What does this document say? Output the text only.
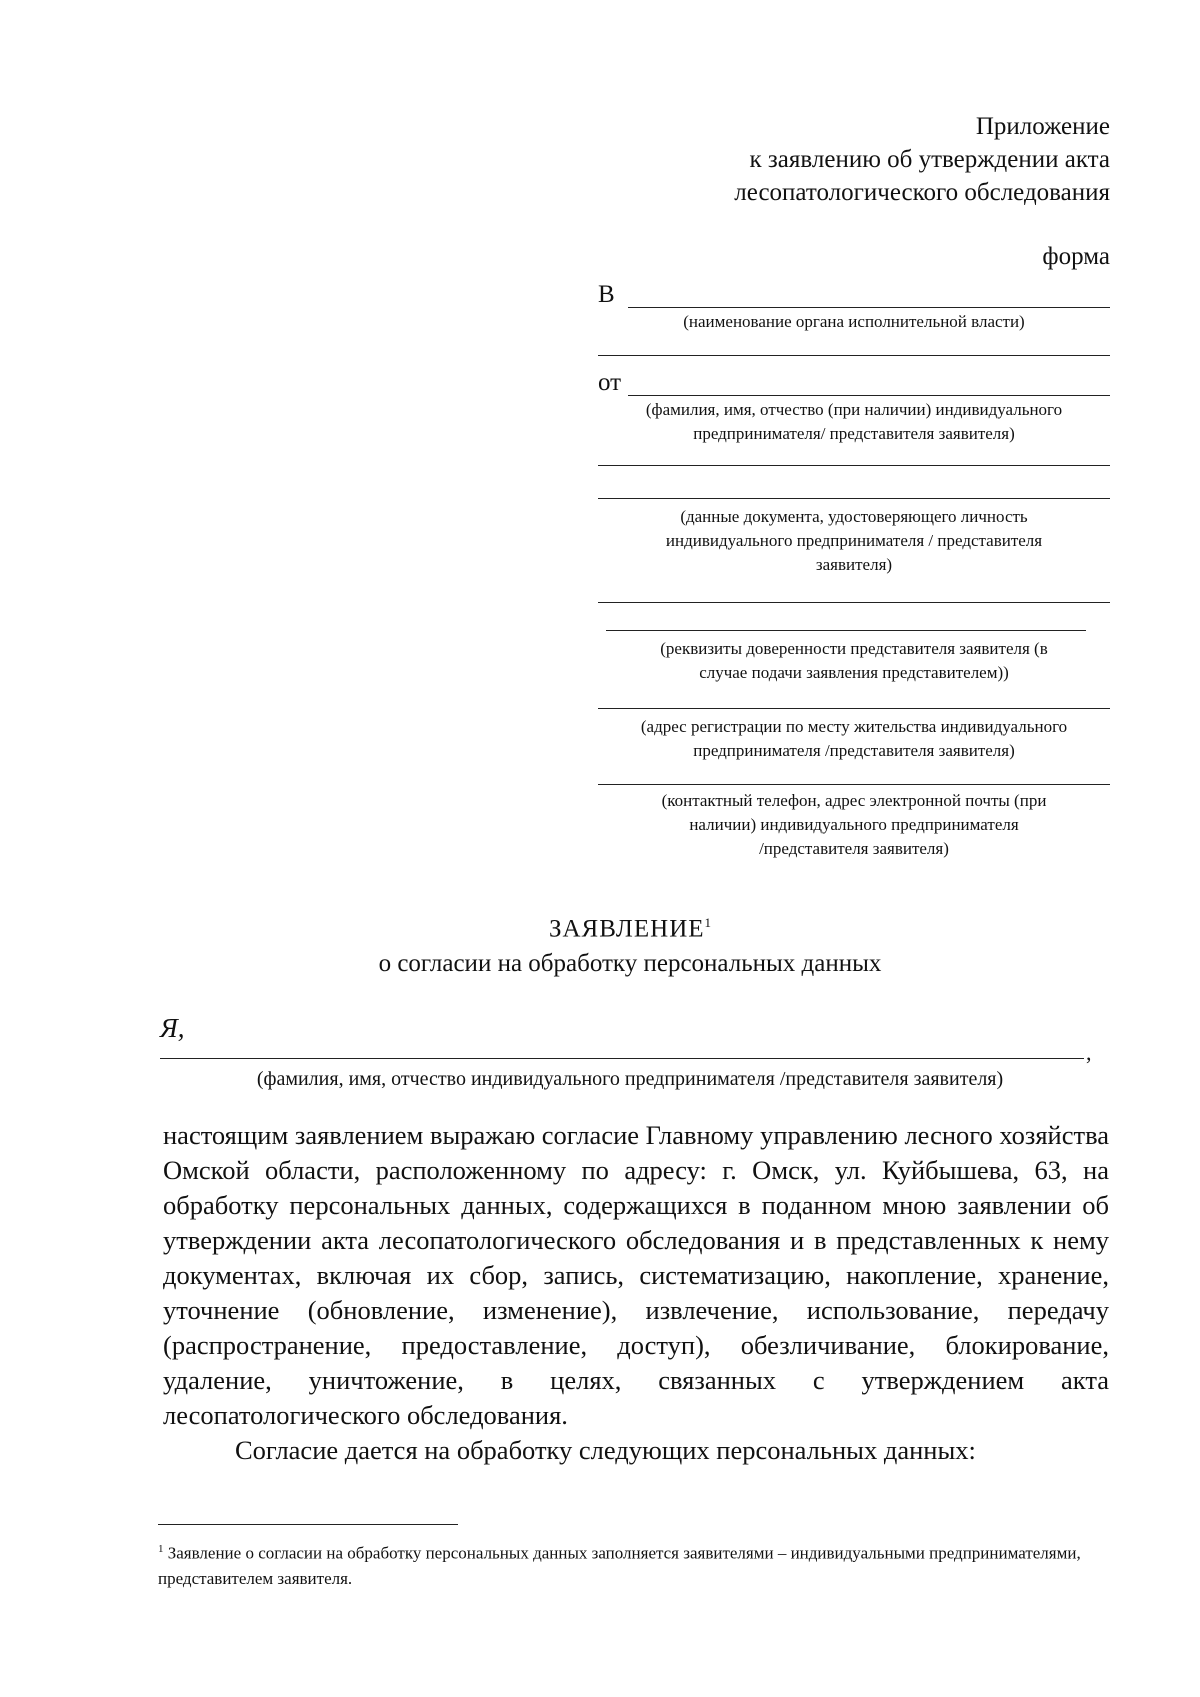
Приложение
к заявлению об утверждении акта
лесопатологического обследования
форма
В
(наименование органа исполнительной власти)
от
(фамилия, имя, отчество (при наличии) индивидуального
предпринимателя/ представителя заявителя)
(данные документа, удостоверяющего личность
индивидуального предпринимателя / представителя
заявителя)
(реквизиты доверенности представителя заявителя (в
случае подачи заявления представителем))
(адрес регистрации по месту жительства индивидуального
предпринимателя /представителя заявителя)
(контактный телефон, адрес электронной почты (при
наличии) индивидуального предпринимателя
/представителя заявителя)
ЗАЯВЛЕНИЕ$^1$
о согласии на обработку персональных данных
Я,
,
(фамилия, имя, отчество индивидуального предпринимателя /представителя заявителя)

настоящим заявлением выражаю согласие Главному управлению лесного хозяйства Омской области, расположенному по адресу: г. Омск, ул. Куйбышева, 63, на обработку персональных данных, содержащихся в поданном мною заявлении об утверждении акта лесопатологического обследования и в представленных к нему документах, включая их сбор, запись, систематизацию, накопление, хранение, уточнение (обновление, изменение), извлечение, использование, передачу (распространение, предоставление, доступ), обезличивание, блокирование, удаление, уничтожение, в целях, связанных с утверждением акта лесопатологического обследования.

Согласие дается на обработку следующих персональных данных:

$^1$ Заявление о согласии на обработку персональных данных заполняется заявителями – индивидуальными предпринимателями, представителем заявителя.
